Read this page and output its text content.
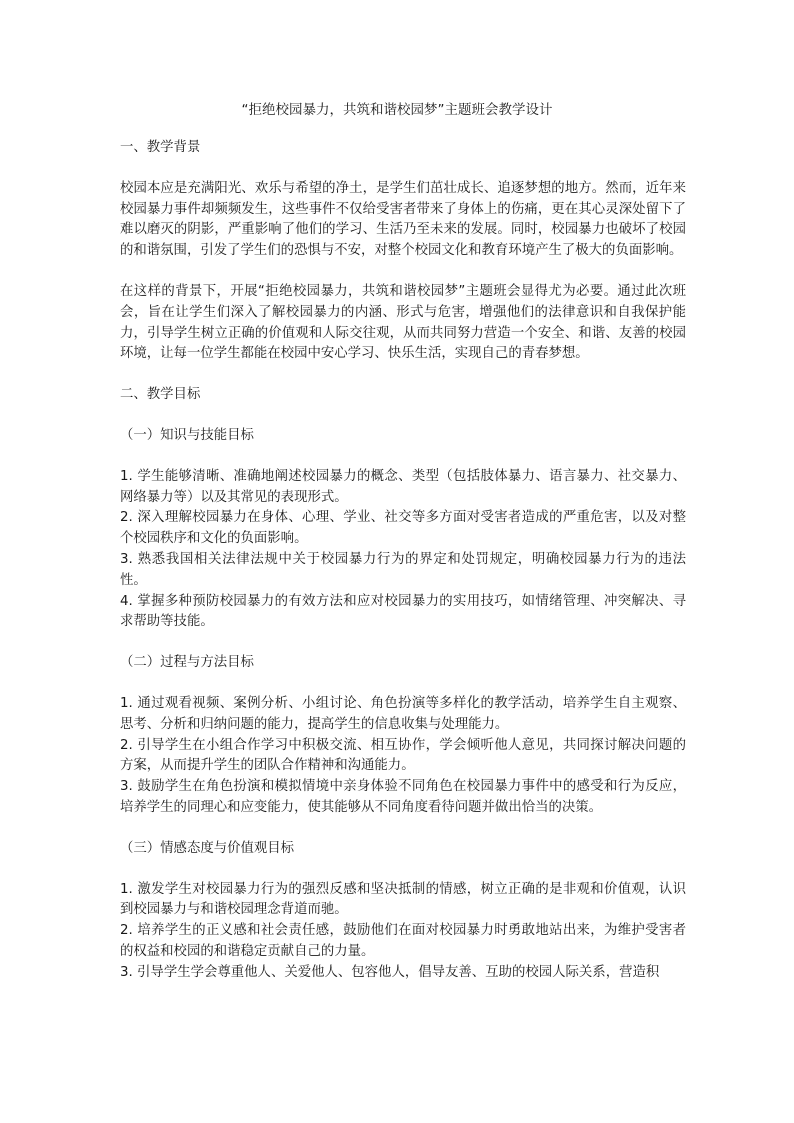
“拒绝校园暴力，共筑和谐校园梦”主题班会教学设计

一、教学背景

校园本应是充满阳光、欢乐与希望的净土，是学生们茁壮成长、追逐梦想的地方。然而，近年来校园暴力事件却频频发生，这些事件不仅给受害者带来了身体上的伤痛，更在其心灵深处留下了难以磨灭的阴影，严重影响了他们的学习、生活乃至未来的发展。同时，校园暴力也破坏了校园的和谐氛围，引发了学生们的恐惧与不安，对整个校园文化和教育环境产生了极大的负面影响。

在这样的背景下，开展“拒绝校园暴力，共筑和谐校园梦”主题班会显得尤为必要。通过此次班会，旨在让学生们深入了解校园暴力的内涵、形式与危害，增强他们的法律意识和自我保护能力，引导学生树立正确的价值观和人际交往观，从而共同努力营造一个安全、和谐、友善的校园环境，让每一位学生都能在校园中安心学习、快乐生活，实现自己的青春梦想。

二、教学目标

（一）知识与技能目标

1. 学生能够清晰、准确地阐述校园暴力的概念、类型（包括肢体暴力、语言暴力、社交暴力、网络暴力等）以及其常见的表现形式。

2. 深入理解校园暴力在身体、心理、学业、社交等多方面对受害者造成的严重危害，以及对整个校园秩序和文化的负面影响。

3. 熟悉我国相关法律法规中关于校园暴力行为的界定和处罚规定，明确校园暴力行为的违法性。

4. 掌握多种预防校园暴力的有效方法和应对校园暴力的实用技巧，如情绪管理、冲突解决、寻求帮助等技能。

（二）过程与方法目标

1. 通过观看视频、案例分析、小组讨论、角色扮演等多样化的教学活动，培养学生自主观察、思考、分析和归纳问题的能力，提高学生的信息收集与处理能力。

2. 引导学生在小组合作学习中积极交流、相互协作，学会倾听他人意见，共同探讨解决问题的方案，从而提升学生的团队合作精神和沟通能力。

3. 鼓励学生在角色扮演和模拟情境中亲身体验不同角色在校园暴力事件中的感受和行为反应，培养学生的同理心和应变能力，使其能够从不同角度看待问题并做出恰当的决策。

（三）情感态度与价值观目标

1. 激发学生对校园暴力行为的强烈反感和坚决抵制的情感，树立正确的是非观和价值观，认识到校园暴力与和谐校园理念背道而驰。

2. 培养学生的正义感和社会责任感，鼓励他们在面对校园暴力时勇敢地站出来，为维护受害者的权益和校园的和谐稳定贡献自己的力量。

3. 引导学生学会尊重他人、关爱他人、包容他人，倡导友善、互助的校园人际关系，营造积
